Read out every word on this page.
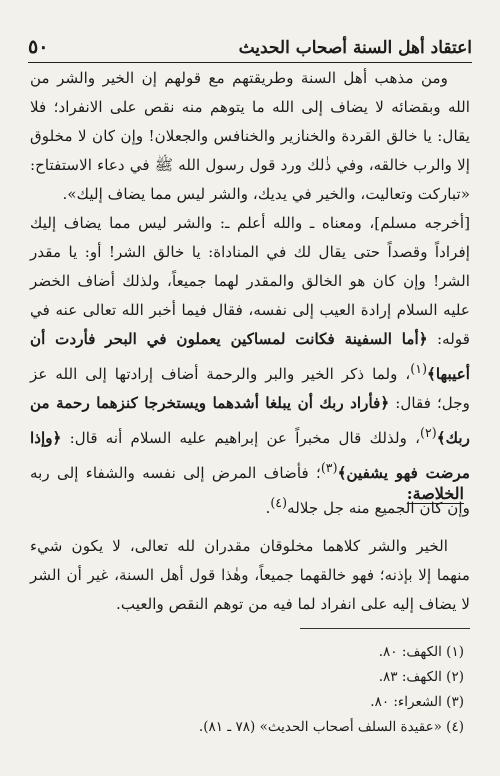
اعتقاد أهل السنة أصحاب الحديث
٥٠

ومن مذهب أهل السنة وطريقتهم مع قولهم إن الخير والشر من الله وبقضائه لا يضاف إلى الله ما يتوهم منه نقص على الانفراد؛ فلا يقال: يا خالق القردة والخنازير والخنافس والجعلان! وإن كان لا مخلوق إلا والرب خالقه، وفي ذٰلك ورد قول رسول الله ﷺ في دعاء الاستفتاح: «تباركت وتعاليت، والخير في يديك، والشر ليس مما يضاف إليك».

[أخرجه مسلم]، ومعناه ـ والله أعلم ـ: والشر ليس مما يضاف إليك إفراداً وقصداً حتى يقال لك في المناداة: يا خالق الشر! أو: يا مقدر الشر! وإن كان هو الخالق والمقدر لهما جميعاً، ولذلك أضاف الخضر عليه السلام إرادة العيب إلى نفسه، فقال فيما أخبر الله تعالى عنه في قوله: ﴿أما السفينة فكانت لمساكين يعملون في البحر فأردت أن أعيبها﴾$^{(١)}$، ولما ذكر الخير والبر والرحمة أضاف إرادتها إلى الله عز وجل؛ فقال: ﴿فأراد ربك أن يبلغا أشدهما ويستخرجا كنزهما رحمة من ربك﴾$^{(٢)}$، ولذلك قال مخبراً عن إبراهيم عليه السلام أنه قال: ﴿وإذا مرضت فهو يشفين﴾$^{(٣)}$؛ فأضاف المرض إلى نفسه والشفاء إلى ربه وإن كان الجميع منه جل جلاله$^{(٤)}$.

الخلاصة:

الخير والشر كلاهما مخلوقان مقدران لله تعالى، لا يكون شيء منهما إلا بإذنه؛ فهو خالقهما جميعاً، وهٰذا قول أهل السنة، غير أن الشر لا يضاف إليه على انفراد لما فيه من توهم النقص والعيب.

(١) الكهف: ٨٠.
(٢) الكهف: ٨٣.
(٣) الشعراء: ٨٠.
(٤) «عقيدة السلف أصحاب الحديث» (٧٨ ـ ٨١).
